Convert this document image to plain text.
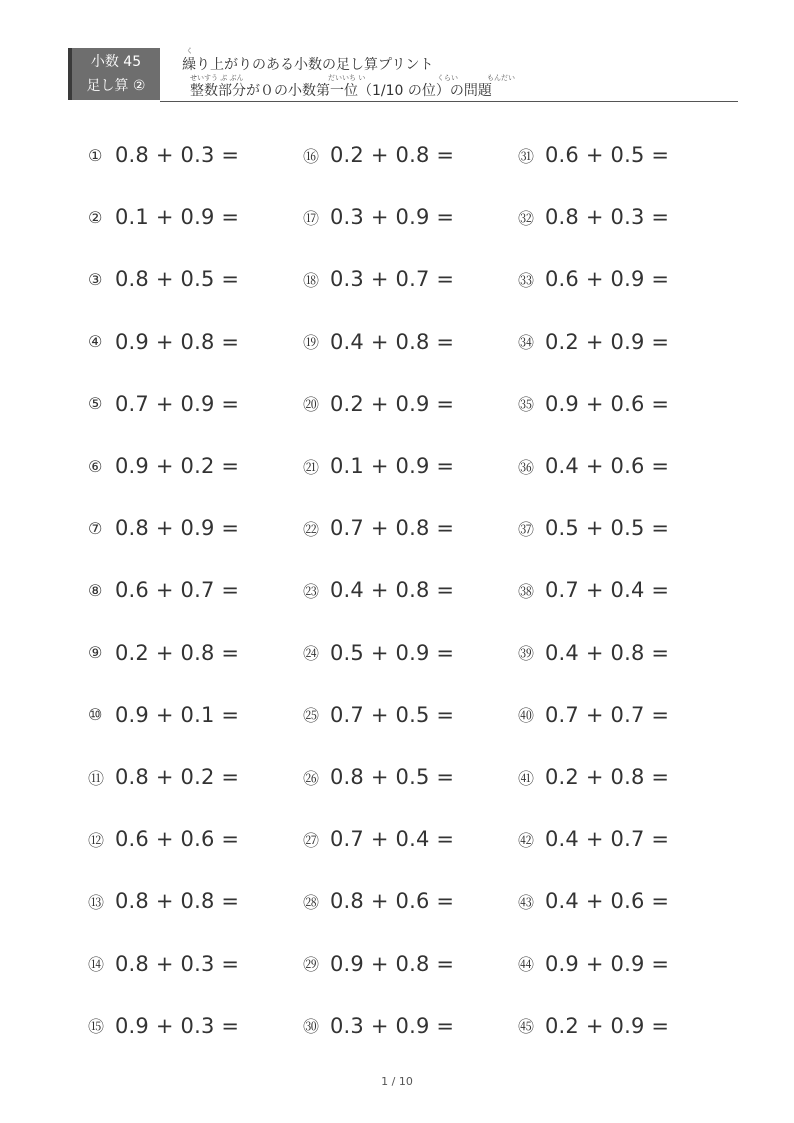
小数 45
足し算 ②
く
繰り上がりのある小数の足し算プリント
せいすう ぶ ぶん	だいいち い	くらい	もんだい
整数部分が０の小数第一位（1/10 の位）の問題
① 0.8 + 0.3 =
② 0.1 + 0.9 =
③ 0.8 + 0.5 =
④ 0.9 + 0.8 =
⑤ 0.7 + 0.9 =
⑥ 0.9 + 0.2 =
⑦ 0.8 + 0.9 =
⑧ 0.6 + 0.7 =
⑨ 0.2 + 0.8 =
⑩ 0.9 + 0.1 =
⑪ 0.8 + 0.2 =
⑫ 0.6 + 0.6 =
⑬ 0.8 + 0.8 =
⑭ 0.8 + 0.3 =
⑮ 0.9 + 0.3 =
⑯ 0.2 + 0.8 =
⑰ 0.3 + 0.9 =
⑱ 0.3 + 0.7 =
⑲ 0.4 + 0.8 =
⑳ 0.2 + 0.9 =
㉑ 0.1 + 0.9 =
㉒ 0.7 + 0.8 =
㉓ 0.4 + 0.8 =
㉔ 0.5 + 0.9 =
㉕ 0.7 + 0.5 =
㉖ 0.8 + 0.5 =
㉗ 0.7 + 0.4 =
㉘ 0.8 + 0.6 =
㉙ 0.9 + 0.8 =
㉚ 0.3 + 0.9 =
㉛ 0.6 + 0.5 =
㉜ 0.8 + 0.3 =
㉝ 0.6 + 0.9 =
㉞ 0.2 + 0.9 =
㉟ 0.9 + 0.6 =
㊱ 0.4 + 0.6 =
㊲ 0.5 + 0.5 =
㊳ 0.7 + 0.4 =
㊴ 0.4 + 0.8 =
㊵ 0.7 + 0.7 =
㊶ 0.2 + 0.8 =
㊷ 0.4 + 0.7 =
㊸ 0.4 + 0.6 =
㊹ 0.9 + 0.9 =
㊺ 0.2 + 0.9 =
1 / 10
